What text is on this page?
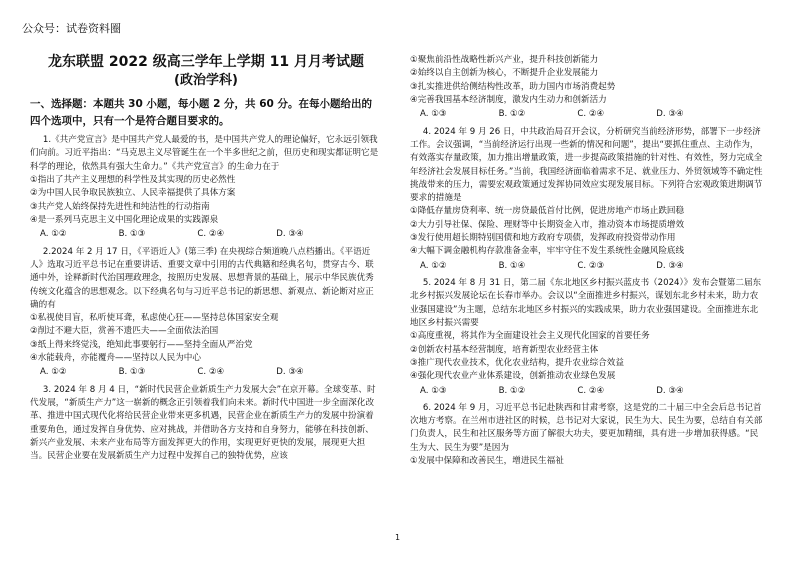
公众号：试卷资料圈

龙东联盟 2022 级高三学年上学期 11 月月考试题

(政治学科)

一、选择题：本题共 30 小题，每小题 2 分，共 60 分。在每小题给出的四个选项中，只有一个是符合题目要求的。

1.《共产党宣言》是中国共产党人最爱的书，是中国共产党人的理论偏好，它永远引领我们向前。习近平指出：“马克思主义尽管诞生在一个半多世纪之前，但历史和现实都证明它是科学的理论，依然具有强大生命力。”《共产党宣言》的生命力在于

①指出了共产主义理想的科学性及其实现的历史必然性

②为中国人民争取民族独立、人民幸福提供了具体方案

③共产党人始终保持先进性和纯洁性的行动指南

④是一系列马克思主义中国化理论成果的实践源泉

A. ①②	B. ①③	C. ②④	D. ③④

2.2024 年 2 月 17 日，《平语近人》(第三季) 在央视综合频道晚八点档播出。《平语近人》选取习近平总书记在重要讲话、重要文章中引用的古代典籍和经典名句，贯穿古今、联通中外，诠释新时代治国理政理念，按照历史发展、思想背景的基础上，展示中华民族优秀传统文化蕴含的思想观念。以下经典名句与习近平总书记的新思想、新观点、新论断对应正确的有

①私视使目盲，私听使耳聋，私虑使心狂——坚持总体国家安全观

②削过不避大臣，赏善不遗匹夫——全面依法治国

③纸上得来终觉浅，绝知此事要躬行——坚持全面从严治党

④水能载舟，亦能覆舟——坚持以人民为中心

A. ①②	B. ①③	C. ②④	D. ③④

3. 2024 年 8 月 4 日，“新时代民营企业新质生产力发展大会”在京开幕。全球变革、时代发展，“新质生产力”这一崭新的概念正引领着我们向未来。新时代中国进一步全面深化改革、推进中国式现代化将给民营企业带来更多机遇，民营企业在新质生产力的发展中扮演着重要角色，通过发挥自身优势、应对挑战，并借助各方支持和自身努力，能够在科技创新、新兴产业发展、未来产业布局等方面发挥更大的作用，实现更好更快的发展，展现更大担当。民营企业要在发展新质生产力过程中发挥自己的独特优势，应该

①聚焦前沿性战略性新兴产业，提升科技创新能力

②始终以自主创新为核心，不断提升企业发展能力

③扎实推进供给侧结构性改革，助力国内市场消费起势

④完善我国基本经济制度，激发内生动力和创新活力

A. ①③	B. ①②	C. ②④	D. ③④

4. 2024 年 9 月 26 日，中共政治局召开会议，分析研究当前经济形势，部署下一步经济工作。会议强调，“当前经济运行出现一些新的情况和问题”，提出“要抓住重点、主动作为，有效落实存量政策，加力推出增量政策，进一步提高政策措施的针对性、有效性，努力完成全年经济社会发展目标任务。”当前，我国经济面临着需求不足、就业压力、外贸领域等不确定性挑战带来的压力，需要宏观政策通过发挥协同效应实现发展目标。下列符合宏观政策进期调节要求的措施是

①降低存量房贷利率、统一房贷最低首付比例，促进房地产市场止跌回稳

②大力引导社保、保险、理财等中长期资金入市，推动资本市场提质增效

③发行使用超长期特别国债和地方政府专项债，发挥政府投资带动作用

④大幅下调金融机构存款准备金率，牢牢守住不发生系统性金融风险底线

A. ①②	B. ①④	C. ②③	D. ③④

5. 2024 年 8 月 31 日，第二届《东北地区乡村振兴蓝皮书（2024）》发布会暨第二届东北乡村振兴发展论坛在长春市举办。会议以“全面推进乡村振兴，谋划东北乡村未来，助力农业强国建设”为主题，总结东北地区乡村振兴的实践成果，助力农业强国建设。全面推进东北地区乡村振兴需要

①高度重视，将其作为全面建设社会主义现代化国家的首要任务

②创新农村基本经营制度，培育新型农业经营主体

③推广现代农业技术，优化农业结构，提升农业综合效益

④强化现代农业产业体系建设，创新推动农业绿色发展

A. ①③	B. ①②	C. ②④	D. ③④

6. 2024 年 9 月，习近平总书记赴陕西和甘肃考察，这是党的二十届三中全会后总书记首次地方考察。在兰州市进社区的时候，总书记对大家说，民生为大、民生为要，总结自有关部门负责人，民生和社区服务等方面了解很大功夫，要更加精细，具有进一步增加获得感。“民生为大、民生为要”是因为

①发展中保障和改善民生，增进民生福祉

1
